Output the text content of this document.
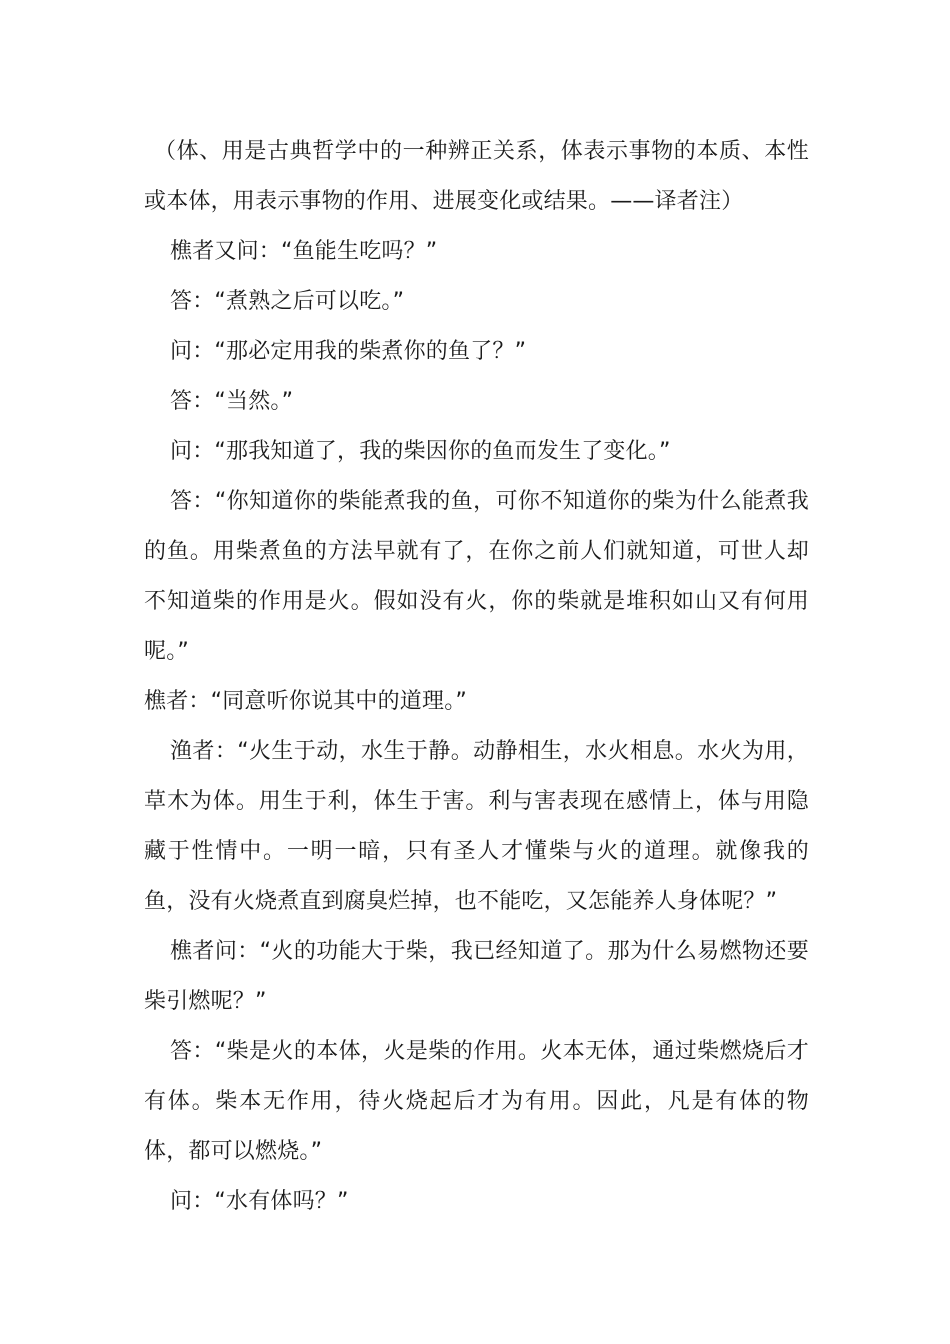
（体、用是古典哲学中的一种辨正关系，体表示事物的本质、本性或本体，用表示事物的作用、进展变化或结果。——译者注）

樵者又问：“鱼能生吃吗？”

答：“煮熟之后可以吃。”

问：“那必定用我的柴煮你的鱼了？”

答：“当然。”

问：“那我知道了，我的柴因你的鱼而发生了变化。”

答：“你知道你的柴能煮我的鱼，可你不知道你的柴为什么能煮我的鱼。用柴煮鱼的方法早就有了，在你之前人们就知道，可世人却不知道柴的作用是火。假如没有火，你的柴就是堆积如山又有何用呢。”

樵者：“同意听你说其中的道理。”

渔者：“火生于动，水生于静。动静相生，水火相息。水火为用，草木为体。用生于利，体生于害。利与害表现在感情上，体与用隐藏于性情中。一明一暗，只有圣人才懂柴与火的道理。就像我的鱼，没有火烧煮直到腐臭烂掉，也不能吃，又怎能养人身体呢？”

樵者问：“火的功能大于柴，我已经知道了。那为什么易燃物还要柴引燃呢？”

答：“柴是火的本体，火是柴的作用。火本无体，通过柴燃烧后才有体。柴本无作用，待火烧起后才为有用。因此，凡是有体的物体，都可以燃烧。”

问：“水有体吗？”
